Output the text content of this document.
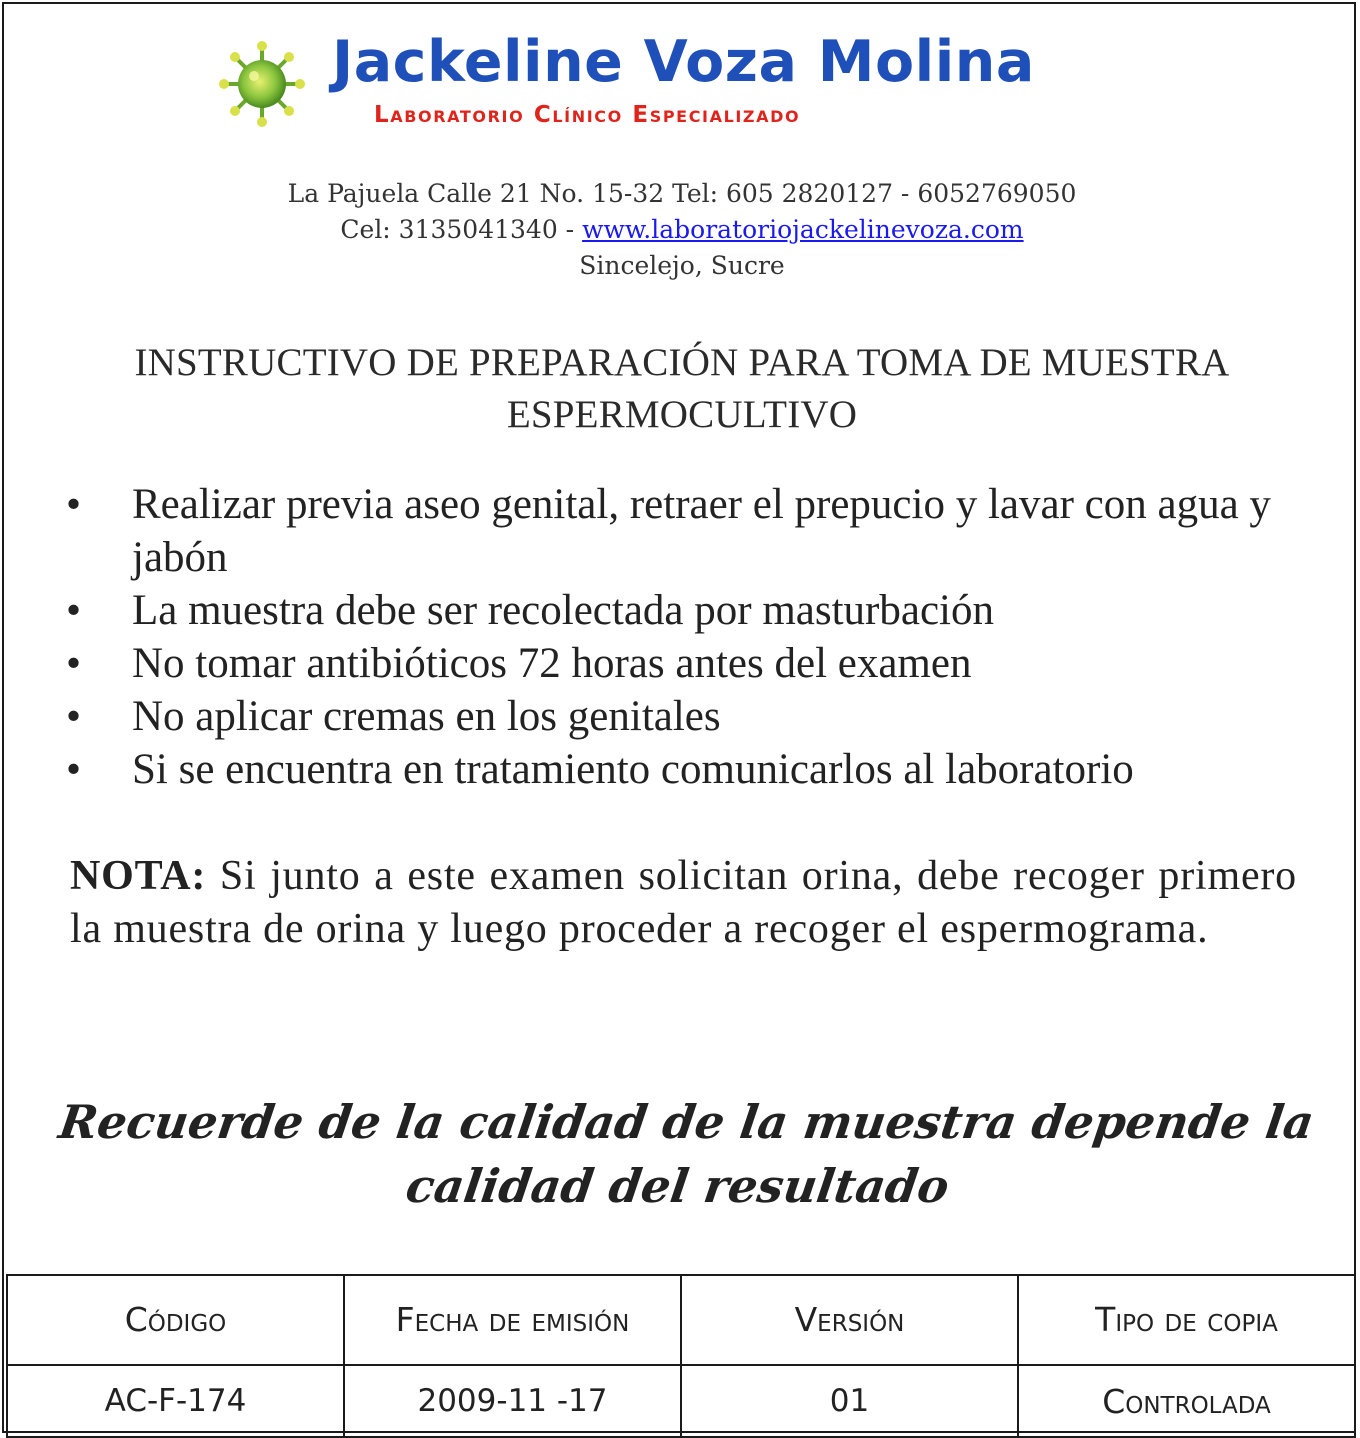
Jackeline Voza Molina
Laboratorio Clínico Especializado
La Pajuela Calle 21 No. 15-32 Tel: 605 2820127 - 6052769050
Cel: 3135041340 - www.laboratoriojackelinevoza.com
Sincelejo, Sucre
INSTRUCTIVO DE PREPARACIÓN PARA TOMA DE MUESTRA
ESPERMOCULTIVO
• Realizar previa aseo genital, retraer el prepucio y lavar con agua y jabón
• La muestra debe ser recolectada por masturbación
• No tomar antibióticos 72 horas antes del examen
• No aplicar cremas en los genitales
• Si se encuentra en tratamiento comunicarlos al laboratorio
NOTA: Si junto a este examen solicitan orina, debe recoger primero la muestra de orina y luego proceder a recoger el espermograma.
Recuerde de la calidad de la muestra depende la calidad del resultado
Código	Fecha de emisión	Versión	Tipo de copia
AC-F-174	2009-11 -17	01	Controlada
